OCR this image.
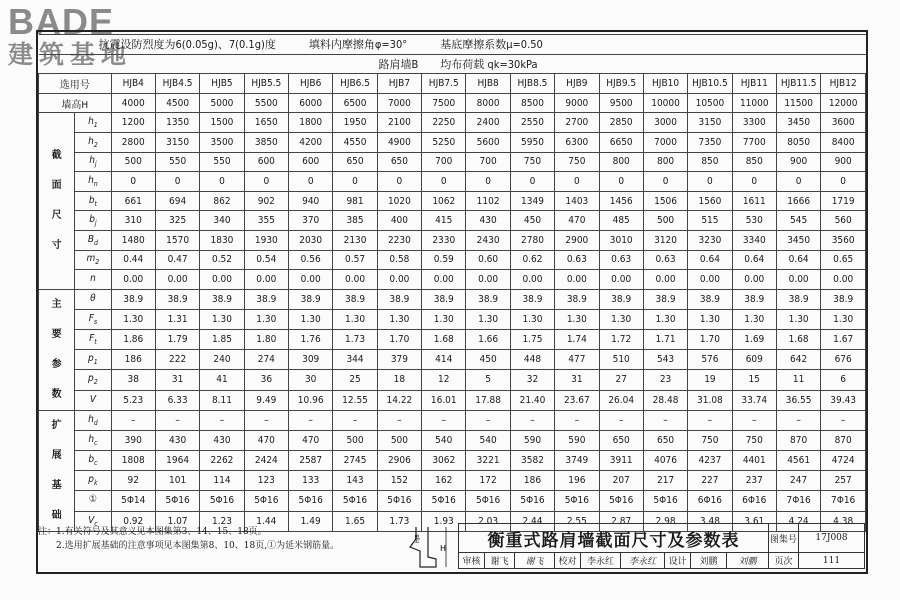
BADE
建筑基地
抗震设防烈度为6(0.05g)、7(0.1g)度　　　填料内摩擦角φ=30°　　　基底摩擦系数μ=0.50																		
路肩墙B　　均布荷载 qk=30kPa																		
选用号		HJB4	HJB4.5	HJB5	HJB5.5	HJB6	HJB6.5	HJB7	HJB7.5	HJB8	HJB8.5	HJB9	HJB9.5	HJB10	HJB10.5	HJB11	HJB11.5	HJB12
墙高H		4000	4500	5000	5500	6000	6500	7000	7500	8000	8500	9000	9500	10000	10500	11000	11500	12000

截
面
尺
寸	$h_1$	1200	1350	1500	1650	1800	1950	2100	2250	2400	2550	2700	2850	3000	3150	3300	3450	3600
	$h_2$	2800	3150	3500	3850	4200	4550	4900	5250	5600	5950	6300	6650	7000	7350	7700	8050	8400
	$h_j$	500	550	550	600	600	650	650	700	700	750	750	800	800	850	850	900	900
	$h_n$	0	0	0	0	0	0	0	0	0	0	0	0	0	0	0	0	0
	$b_t$	661	694	862	902	940	981	1020	1062	1102	1349	1403	1456	1506	1560	1611	1666	1719
	$b_j$	310	325	340	355	370	385	400	415	430	450	470	485	500	515	530	545	560
	$B_d$	1480	1570	1830	1930	2030	2130	2230	2330	2430	2780	2900	3010	3120	3230	3340	3450	3560
	$m_2$	0.44	0.47	0.52	0.54	0.56	0.57	0.58	0.59	0.60	0.62	0.63	0.63	0.63	0.64	0.64	0.64	0.65
	n	0.00	0.00	0.00	0.00	0.00	0.00	0.00	0.00	0.00	0.00	0.00	0.00	0.00	0.00	0.00	0.00	0.00

主
要
参
数	θ	38.9	38.9	38.9	38.9	38.9	38.9	38.9	38.9	38.9	38.9	38.9	38.9	38.9	38.9	38.9	38.9	38.9
	$F_s$	1.30	1.31	1.30	1.30	1.30	1.30	1.30	1.30	1.30	1.30	1.30	1.30	1.30	1.30	1.30	1.30	1.30
	$F_t$	1.86	1.79	1.85	1.80	1.76	1.73	1.70	1.68	1.66	1.75	1.74	1.72	1.71	1.70	1.69	1.68	1.67
	$p_1$	186	222	240	274	309	344	379	414	450	448	477	510	543	576	609	642	676
	$p_2$	38	31	41	36	30	25	18	12	5	32	31	27	23	19	15	11	6
	V	5.23	6.33	8.11	9.49	10.96	12.55	14.22	16.01	17.88	21.40	23.67	26.04	28.48	31.08	33.74	36.55	39.43

扩
展
基
础	$h_d$	–	–	–	–	–	–	–	–	–	–	–	–	–	–	–	–	–
	$h_c$	390	430	430	470	470	500	500	540	540	590	590	650	650	750	750	870	870
	$b_c$	1808	1964	2262	2424	2587	2745	2906	3062	3221	3582	3749	3911	4076	4237	4401	4561	4724
	$p_k$	92	101	114	123	133	143	152	162	172	186	196	207	217	227	237	247	257
	①	5Φ14	5Φ16	5Φ16	5Φ16	5Φ16	5Φ16	5Φ16	5Φ16	5Φ16	5Φ16	5Φ16	5Φ16	5Φ16	6Φ16	6Φ16	7Φ16	7Φ16
	$V_c$	0.92	1.07	1.23	1.44	1.49	1.65	1.73	1.93	2.03	2.44	2.55	2.87	2.98	3.48	3.61	4.24	4.38
注：1.有关符号及其意义见本图集第3、14、15、18页。
　　2.选用扩展基础的注意事项见本图集第8、10、18页,①为延米钢筋量。	H
HJB	衡重式路肩墙截面尺寸及参数表									图集号	17J008
审核	谢飞	谢飞	校对	李永红	李永红	设计	刘鹏	刘鹏	页次	111
